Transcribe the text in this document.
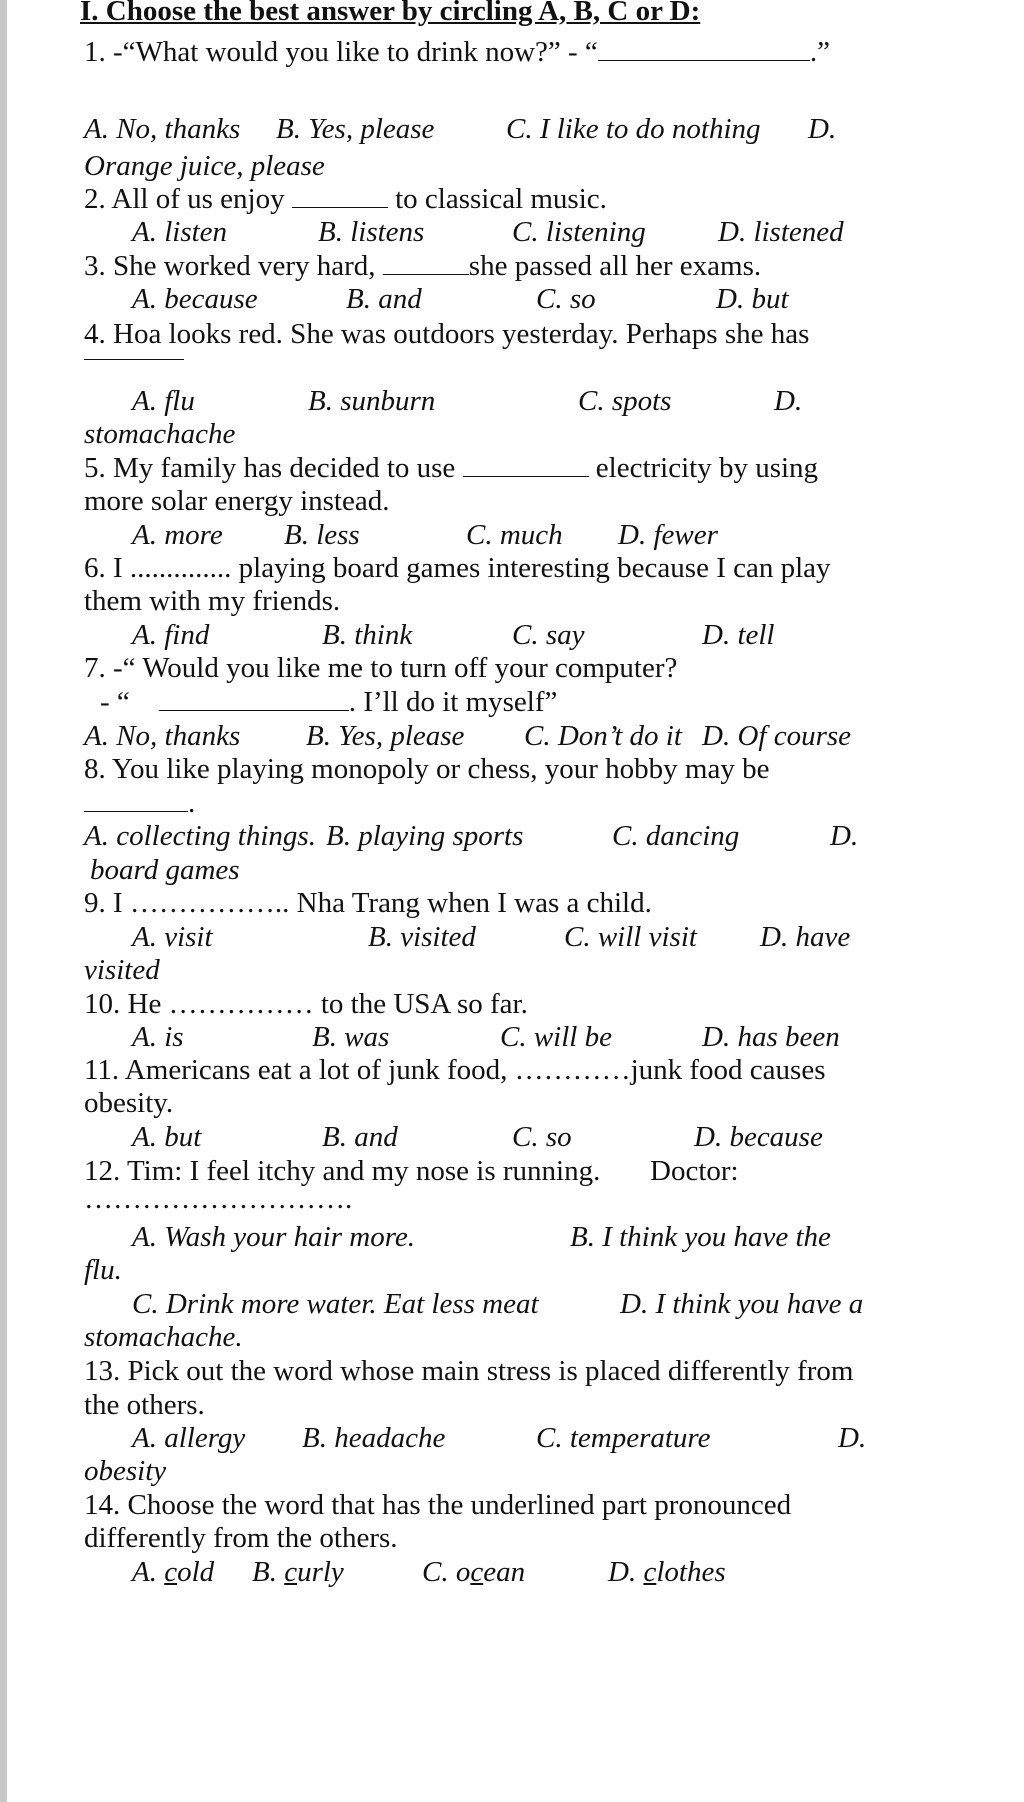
I. Choose the best answer by circling A, B, C or D:
1. -“What would you like to drink now?” - “	.”
A. No, thanks B. Yes, please C. I like to do nothing D.
Orange juice, please
2. All of us enjoy	to classical music.
A. listen	B. listens	C. listening D. listened
3. She worked very hard,	she passed all her exams.
A. because	B. and	C. so	D. but
4. Hoa looks red. She was outdoors yesterday. Perhaps she has
A. flu	B. sunburn	C. spots	D.
stomachache
5. My family has decided to use	electricity by using
more solar energy instead.
A. more B. less	C. much D. fewer
6. I .............. playing board games interesting because I can play
them with my friends.
A. find	B. think	C. say	D. tell
7. -“ Would you like me to turn off your computer?
- “	. I’ll do it myself”
A. No, thanks B. Yes, please C. Don’t do it D. Of course
8. You like playing monopoly or chess, your hobby may be
.
A. collecting things. B. playing sports	C. dancing	D.
board games
9. I …………….. Nha Trang when I was a child.
A. visit	B. visited	C. will visit D. have
visited
10. He …………… to the USA so far.
A. is	B. was	C. will be	D. has been
11. Americans eat a lot of junk food, …………junk food causes
obesity.
A. but	B. and	C. so	D. because
12. Tim: I feel itchy and my nose is running. Doctor:
……………………….
A. Wash your hair more.	B. I think you have the
flu.
C. Drink more water. Eat less meat	D. I think you have a
stomachache.
13. Pick out the word whose main stress is placed differently from
the others.
A. allergy B. headache	C. temperature	D.
obesity
14. Choose the word that has the underlined part pronounced
differently from the others.
A. cold B. curly	C. ocean	D. clothes
